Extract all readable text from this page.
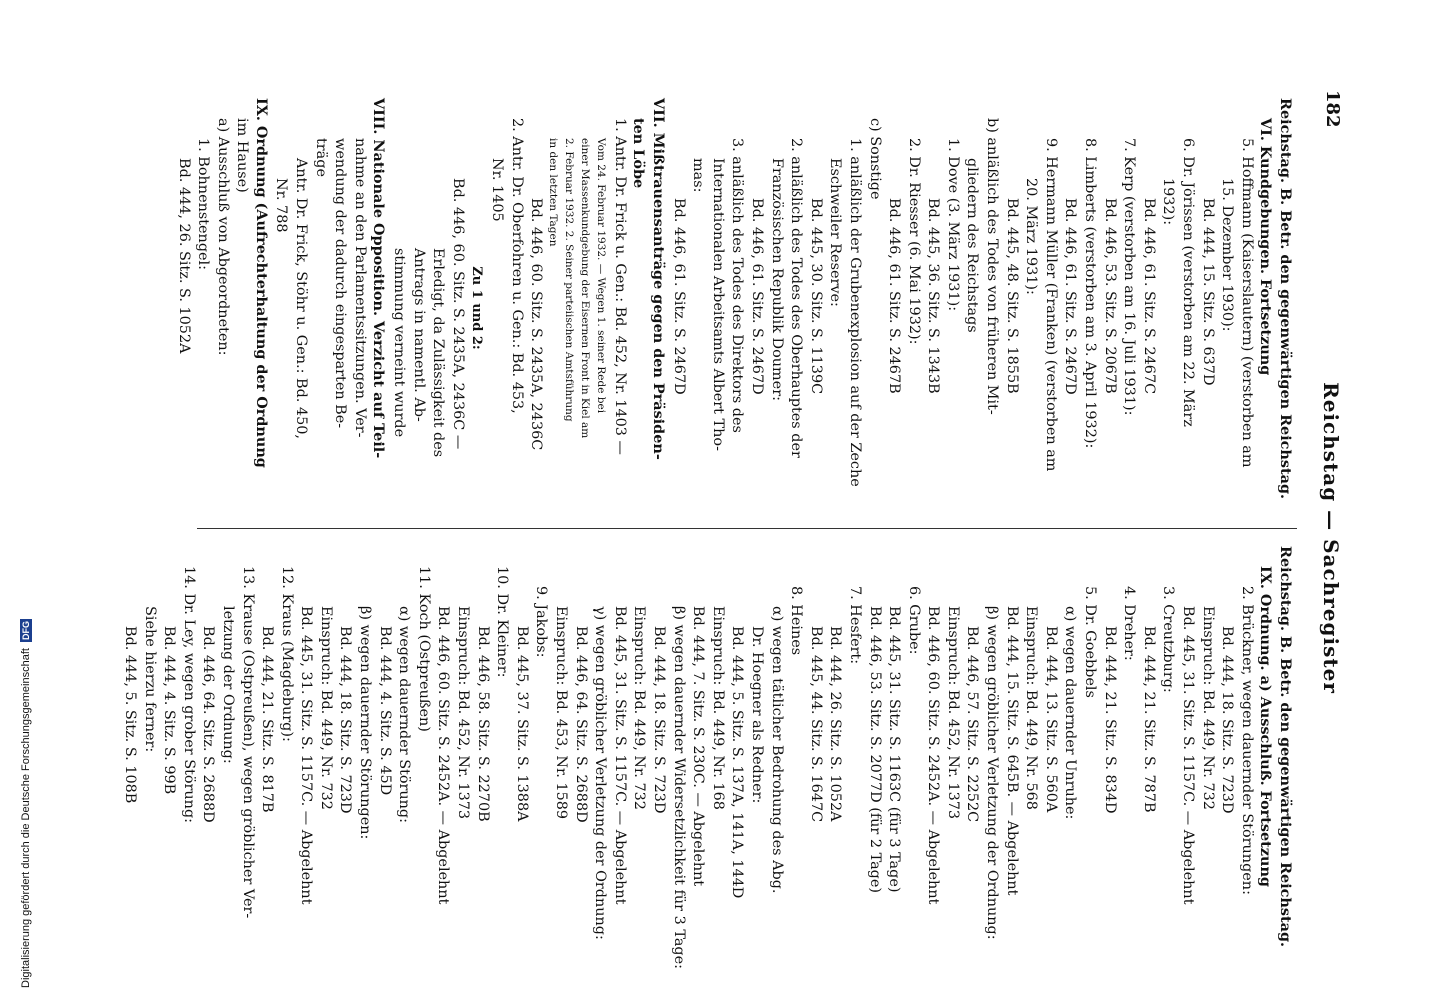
182
Reichstag — Sachregister
Reichstag. B. Betr. den gegenwärtigen Reichstag.
VI. Kundgebungen. Fortsetzung
5. Hoffmann (Kaiserslautern) (verstorben am
15. Dezember 1930):
Bd. 444, 15. Sitz. S. 637D
6. Dr. Jörissen (verstorben am 22. März
1932):
Bd. 446, 61. Sitz. S. 2467C
7. Kerp (verstorben am 16. Juli 1931):
Bd. 446, 53. Sitz. S. 2067B
8. Limberts (verstorben am 3. April 1932):
Bd. 446, 61. Sitz. S. 2467D
9. Hermann Müller (Franken) (verstorben am
20. März 1931):
Bd. 445, 48. Sitz. S. 1855B
b) anläßlich des Todes von früheren Mit-
gliedern des Reichstags
1. Dove (3. März 1931):
Bd. 445, 36. Sitz. S. 1343B
2. Dr. Riesser (6. Mai 1932):
Bd. 446, 61. Sitz. S. 2467B
c) Sonstige
1. anläßlich der Grubenexplosion auf der Zeche
Eschweiler Reserve:
Bd. 445, 30. Sitz. S. 1139C
2. anläßlich des Todes des Oberhauptes der
Französischen Republik Doumer:
Bd. 446, 61. Sitz. S. 2467D
3. anläßlich des Todes des Direktors des
Internationalen Arbeitsamts Albert Tho-
mas:
Bd. 446, 61. Sitz. S. 2467D
VII. Mißtrauensanträge gegen den Präsiden-
ten Löbe
1. Antr. Dr. Frick u. Gen.: Bd. 452, Nr. 1403 —
Vom 24. Februar 1932. — Wegen 1. seiner Rede bei
einer Massenkundgebung der Eisernen Front in Kiel am
2. Februar 1932. 2. Seiner parteiischen Amtsführung
in den letzten Tagen
Bd. 446, 60. Sitz. S. 2435A, 2436C
2. Antr. Dr. Oberfohren u. Gen.: Bd. 453,
Nr. 1405
Zu 1 und 2:
Bd. 446, 60. Sitz. S. 2435A, 2436C —
Erledigt, da Zulässigkeit des
Antrags in namentl. Ab-
stimmung verneint wurde
VIII. Nationale Opposition. Verzicht auf Teil-
nahme an den Parlamentssitzungen. Ver-
wendung der dadurch eingesparten Be-
träge
Antr. Dr. Frick, Stöhr u. Gen.: Bd. 450,
Nr. 788
IX. Ordnung (Aufrechterhaltung der Ordnung
im Hause)
a) Ausschluß von Abgeordneten:
1. Bohnenstengel:
Bd. 444, 26. Sitz. S. 1052A
Reichstag. B. Betr. den gegenwärtigen Reichstag.
IX. Ordnung. a) Ausschluß. Fortsetzung
2. Brückner, wegen dauernder Störungen:
Bd. 444, 18. Sitz. S. 723D
Einspruch: Bd. 449, Nr. 732
Bd. 445, 31. Sitz. S. 1157C. — Abgelehnt
3. Creutzburg:
Bd. 444, 21. Sitz. S. 787B
4. Dreher:
Bd. 444, 21. Sitz. S. 834D
5. Dr. Goebbels
α) wegen dauernder Unruhe:
Bd. 444, 13. Sitz. S. 560A
Einspruch: Bd. 449, Nr. 568
Bd. 444, 15. Sitz. S. 645B. — Abgelehnt
β) wegen gröblicher Verletzung der Ordnung:
Bd. 446, 57. Sitz. S. 2252C
Einspruch: Bd. 452, Nr. 1373
Bd. 446, 60. Sitz. S. 2452A. — Abgelehnt
6. Grube:
Bd. 445, 31. Sitz. S. 1163C (für 3 Tage)
Bd. 446, 53. Sitz. S. 2077D (für 2 Tage)
7. Hesfert:
Bd. 444, 26. Sitz. S. 1052A
Bd. 445, 44. Sitz. S. 1647C
8. Heines
α) wegen tätlicher Bedrohung des Abg.
Dr. Hoegner als Redner:
Bd. 444, 5. Sitz. S. 137A, 141A, 144D
Einspruch: Bd. 449, Nr. 168
Bd. 444, 7. Sitz. S. 230C. — Abgelehnt
β) wegen dauernder Widersetzlichkeit für 3 Tage:
Bd. 444, 18. Sitz. S. 723D
Einspruch: Bd. 449, Nr. 732
Bd. 445, 31. Sitz. S. 1157C. — Abgelehnt
γ) wegen gröblicher Verletzung der Ordnung:
Bd. 446, 64. Sitz. S. 2688D
Einspruch: Bd. 453, Nr. 1589
9. Jakobs:
Bd. 445, 37. Sitz. S. 1388A
10. Dr. Kleiner:
Bd. 446, 58. Sitz. S. 2270B
Einspruch: Bd. 452, Nr. 1373
Bd. 446, 60. Sitz. S. 2452A. — Abgelehnt
11. Koch (Ostpreußen)
α) wegen dauernder Störung:
Bd. 444, 4. Sitz. S. 45D
β) wegen dauernder Störungen:
Bd. 444, 18. Sitz. S. 723D
Einspruch: Bd. 449, Nr. 732
Bd. 445, 31. Sitz. S. 1157C. — Abgelehnt
12. Kraus (Magdeburg):
Bd. 444, 21. Sitz. S. 817B
13. Krause (Ostpreußen), wegen gröblicher Ver-
letzung der Ordnung:
Bd. 446, 64. Sitz. S. 2688D
14. Dr. Ley, wegen grober Störung:
Bd. 444, 4. Sitz. S. 99B
Siehe hierzu ferner:
Bd. 444, 5. Sitz. S. 108B
Digitalisierung gefördert durch die Deutsche Forschungsgemeinschaft DFG
